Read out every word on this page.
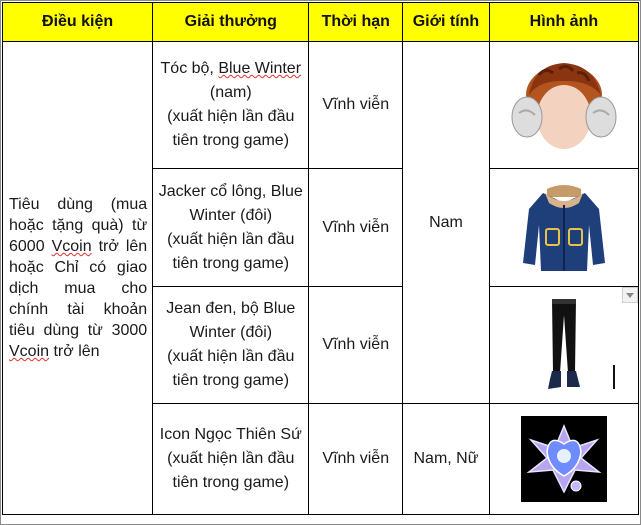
Điều kiện	Giải thưởng	Thời hạn	Giới tính	Hình ảnh
Tiêu dùng (mua hoặc tặng quà) từ 6000 Vcoin trở lên hoặc Chỉ có giao dịch mua cho chính tài khoản tiêu dùng từ 3000 Vcoin trở lên	Tóc bộ, Blue Winter (nam)
(xuất hiện lần đầu tiên trong game)	Vĩnh viễn	Nam	

	Jacker cổ lông, Blue Winter (đôi)
(xuất hiện lần đầu tiên trong game)	Vĩnh viễn	

	Jean đen, bộ Blue Winter (đôi)
(xuất hiện lần đầu tiên trong game)	Vĩnh viễn	

	Icon Ngọc Thiên Sứ
(xuất hiện lần đầu tiên trong game)	Vĩnh viễn	Nam, Nữ	
